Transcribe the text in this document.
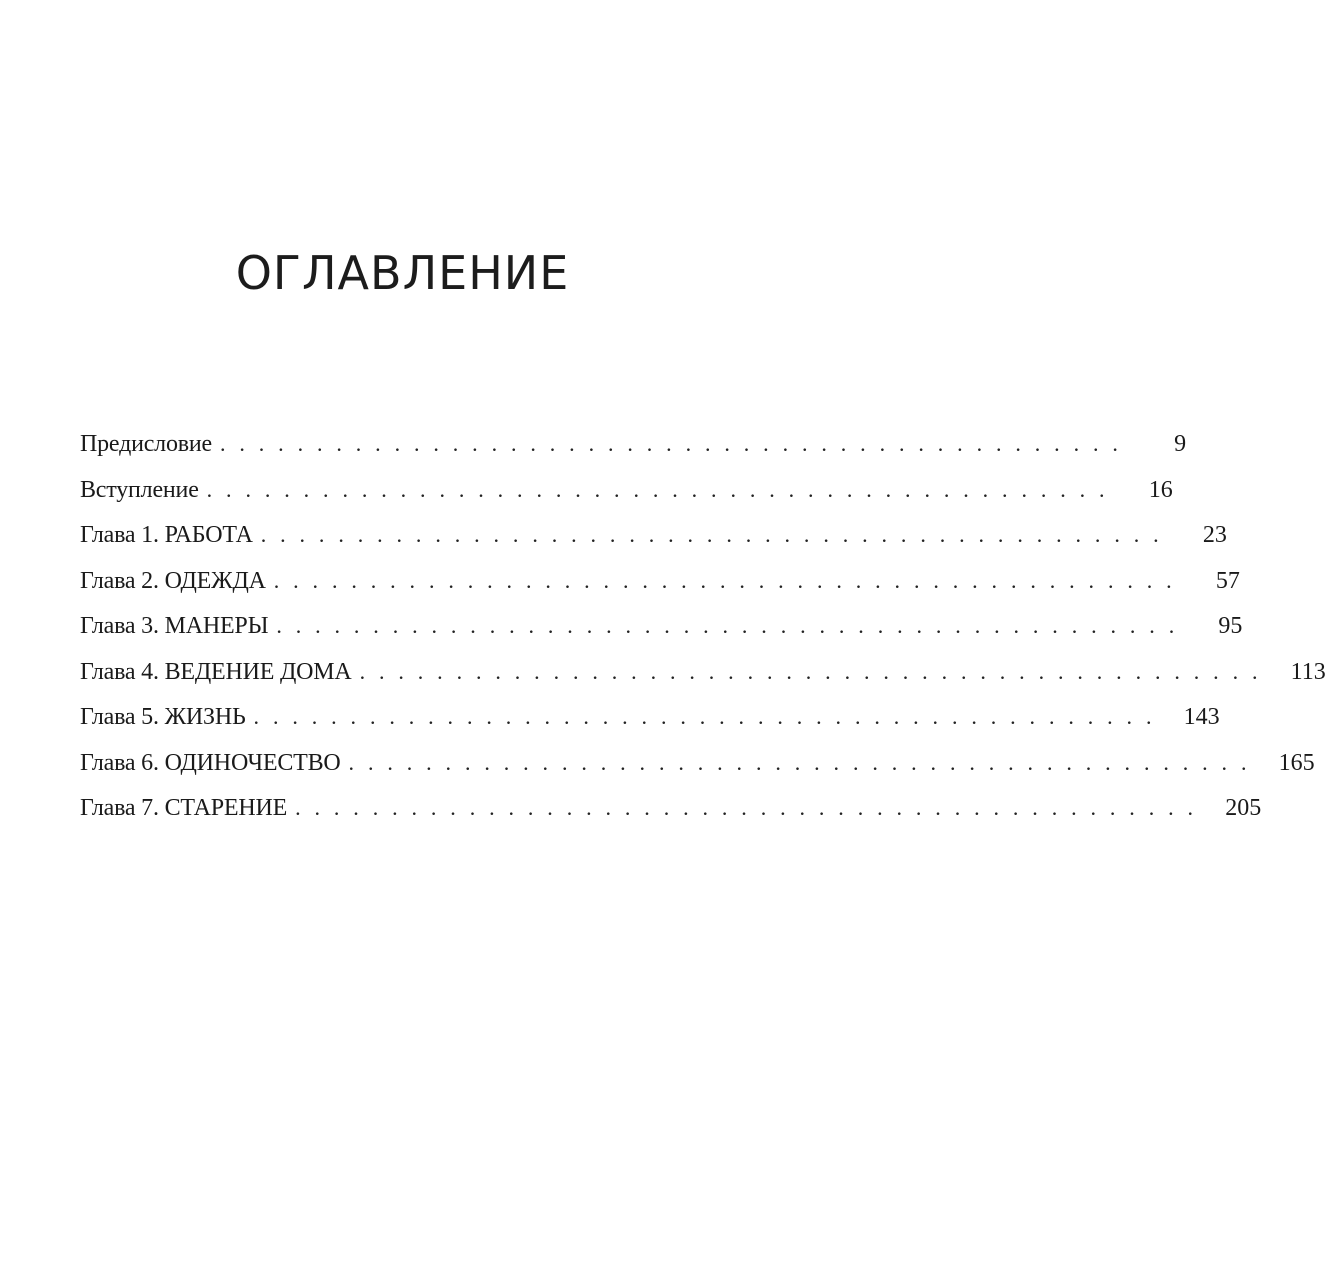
ОГЛАВЛЕНИЕ
Предисловие . . . . . . . . . . . . . . . . . . . . . . . . . . . . . . . . . . . . . . . . . . . . . . .	9
Вступление . . . . . . . . . . . . . . . . . . . . . . . . . . . . . . . . . . . . . . . . . . . . . . .	16
Глава 1. РАБОТА . . . . . . . . . . . . . . . . . . . . . . . . . . . . . . . . . . . . . . . . . . . . . . .	23
Глава 2. ОДЕЖДА . . . . . . . . . . . . . . . . . . . . . . . . . . . . . . . . . . . . . . . . . . . . . . .	57
Глава 3. МАНЕРЫ . . . . . . . . . . . . . . . . . . . . . . . . . . . . . . . . . . . . . . . . . . . . . . .	95
Глава 4. ВЕДЕНИЕ ДОМА . . . . . . . . . . . . . . . . . . . . . . . . . . . . . . . . . . . . . . . . . . . . . . .	113
Глава 5. ЖИЗНЬ . . . . . . . . . . . . . . . . . . . . . . . . . . . . . . . . . . . . . . . . . . . . . . .	143
Глава 6. ОДИНОЧЕСТВО . . . . . . . . . . . . . . . . . . . . . . . . . . . . . . . . . . . . . . . . . . . . . . .	165
Глава 7. СТАРЕНИЕ . . . . . . . . . . . . . . . . . . . . . . . . . . . . . . . . . . . . . . . . . . . . . . .	205
